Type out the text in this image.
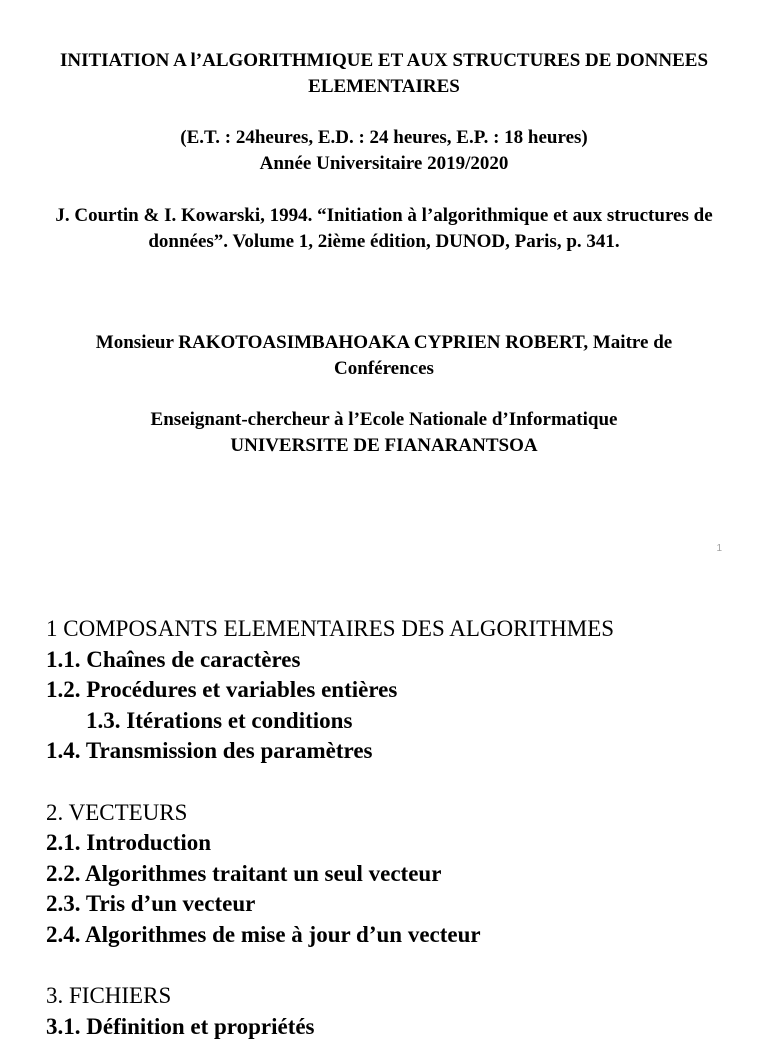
INITIATION A l’ALGORITHMIQUE ET AUX STRUCTURES DE DONNEES

ELEMENTAIRES

(E.T. : 24heures, E.D. : 24 heures, E.P. : 18 heures)

Année Universitaire 2019/2020

J. Courtin & I. Kowarski, 1994. “Initiation à l’algorithmique et aux structures de

données”. Volume 1, 2ième édition, DUNOD, Paris, p. 341.

Monsieur RAKOTOASIMBAHOAKA CYPRIEN ROBERT, Maitre de

Conférences

Enseignant-chercheur à l’Ecole Nationale d’Informatique

UNIVERSITE DE FIANARANTSOA

1
1 COMPOSANTS ELEMENTAIRES DES ALGORITHMES
1.1. Chaînes de caractères
1.2. Procédures et variables entières
1.3. Itérations et conditions
1.4. Transmission des paramètres
2. VECTEURS
2.1. Introduction
2.2. Algorithmes traitant un seul vecteur
2.3. Tris d’un vecteur
2.4. Algorithmes de mise à jour d’un vecteur
3. FICHIERS
3.1. Définition et propriétés
